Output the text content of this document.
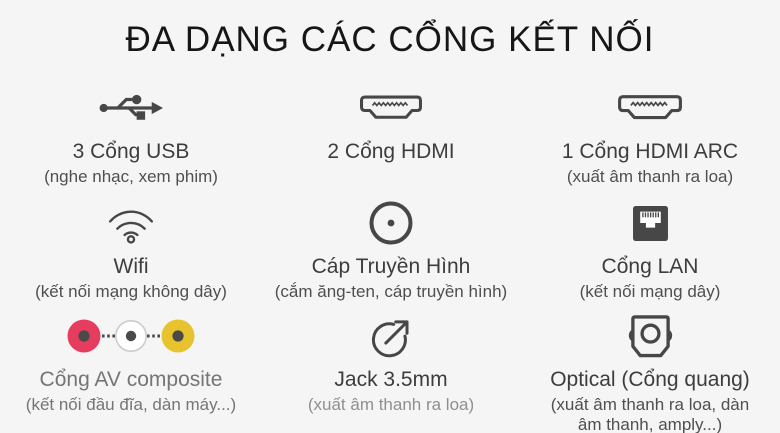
ĐA DẠNG CÁC CỔNG KẾT NỐI
3 Cổng USB
(nghe nhạc, xem phim)
2 Cổng HDMI	1 Cổng HDMI ARC
(xuất âm thanh ra loa)
Wifi
(kết nối mạng không dây)
Cáp Truyền Hình
(cắm ăng-ten, cáp truyền hình)
Cổng LAN
(kết nối mạng dây)
Cổng AV composite
(kết nối đầu đĩa, dàn máy...)
Jack 3.5mm
(xuất âm thanh ra loa)
Optical (Cổng quang)
(xuất âm thanh ra loa, dàn âm thanh, amply...)
